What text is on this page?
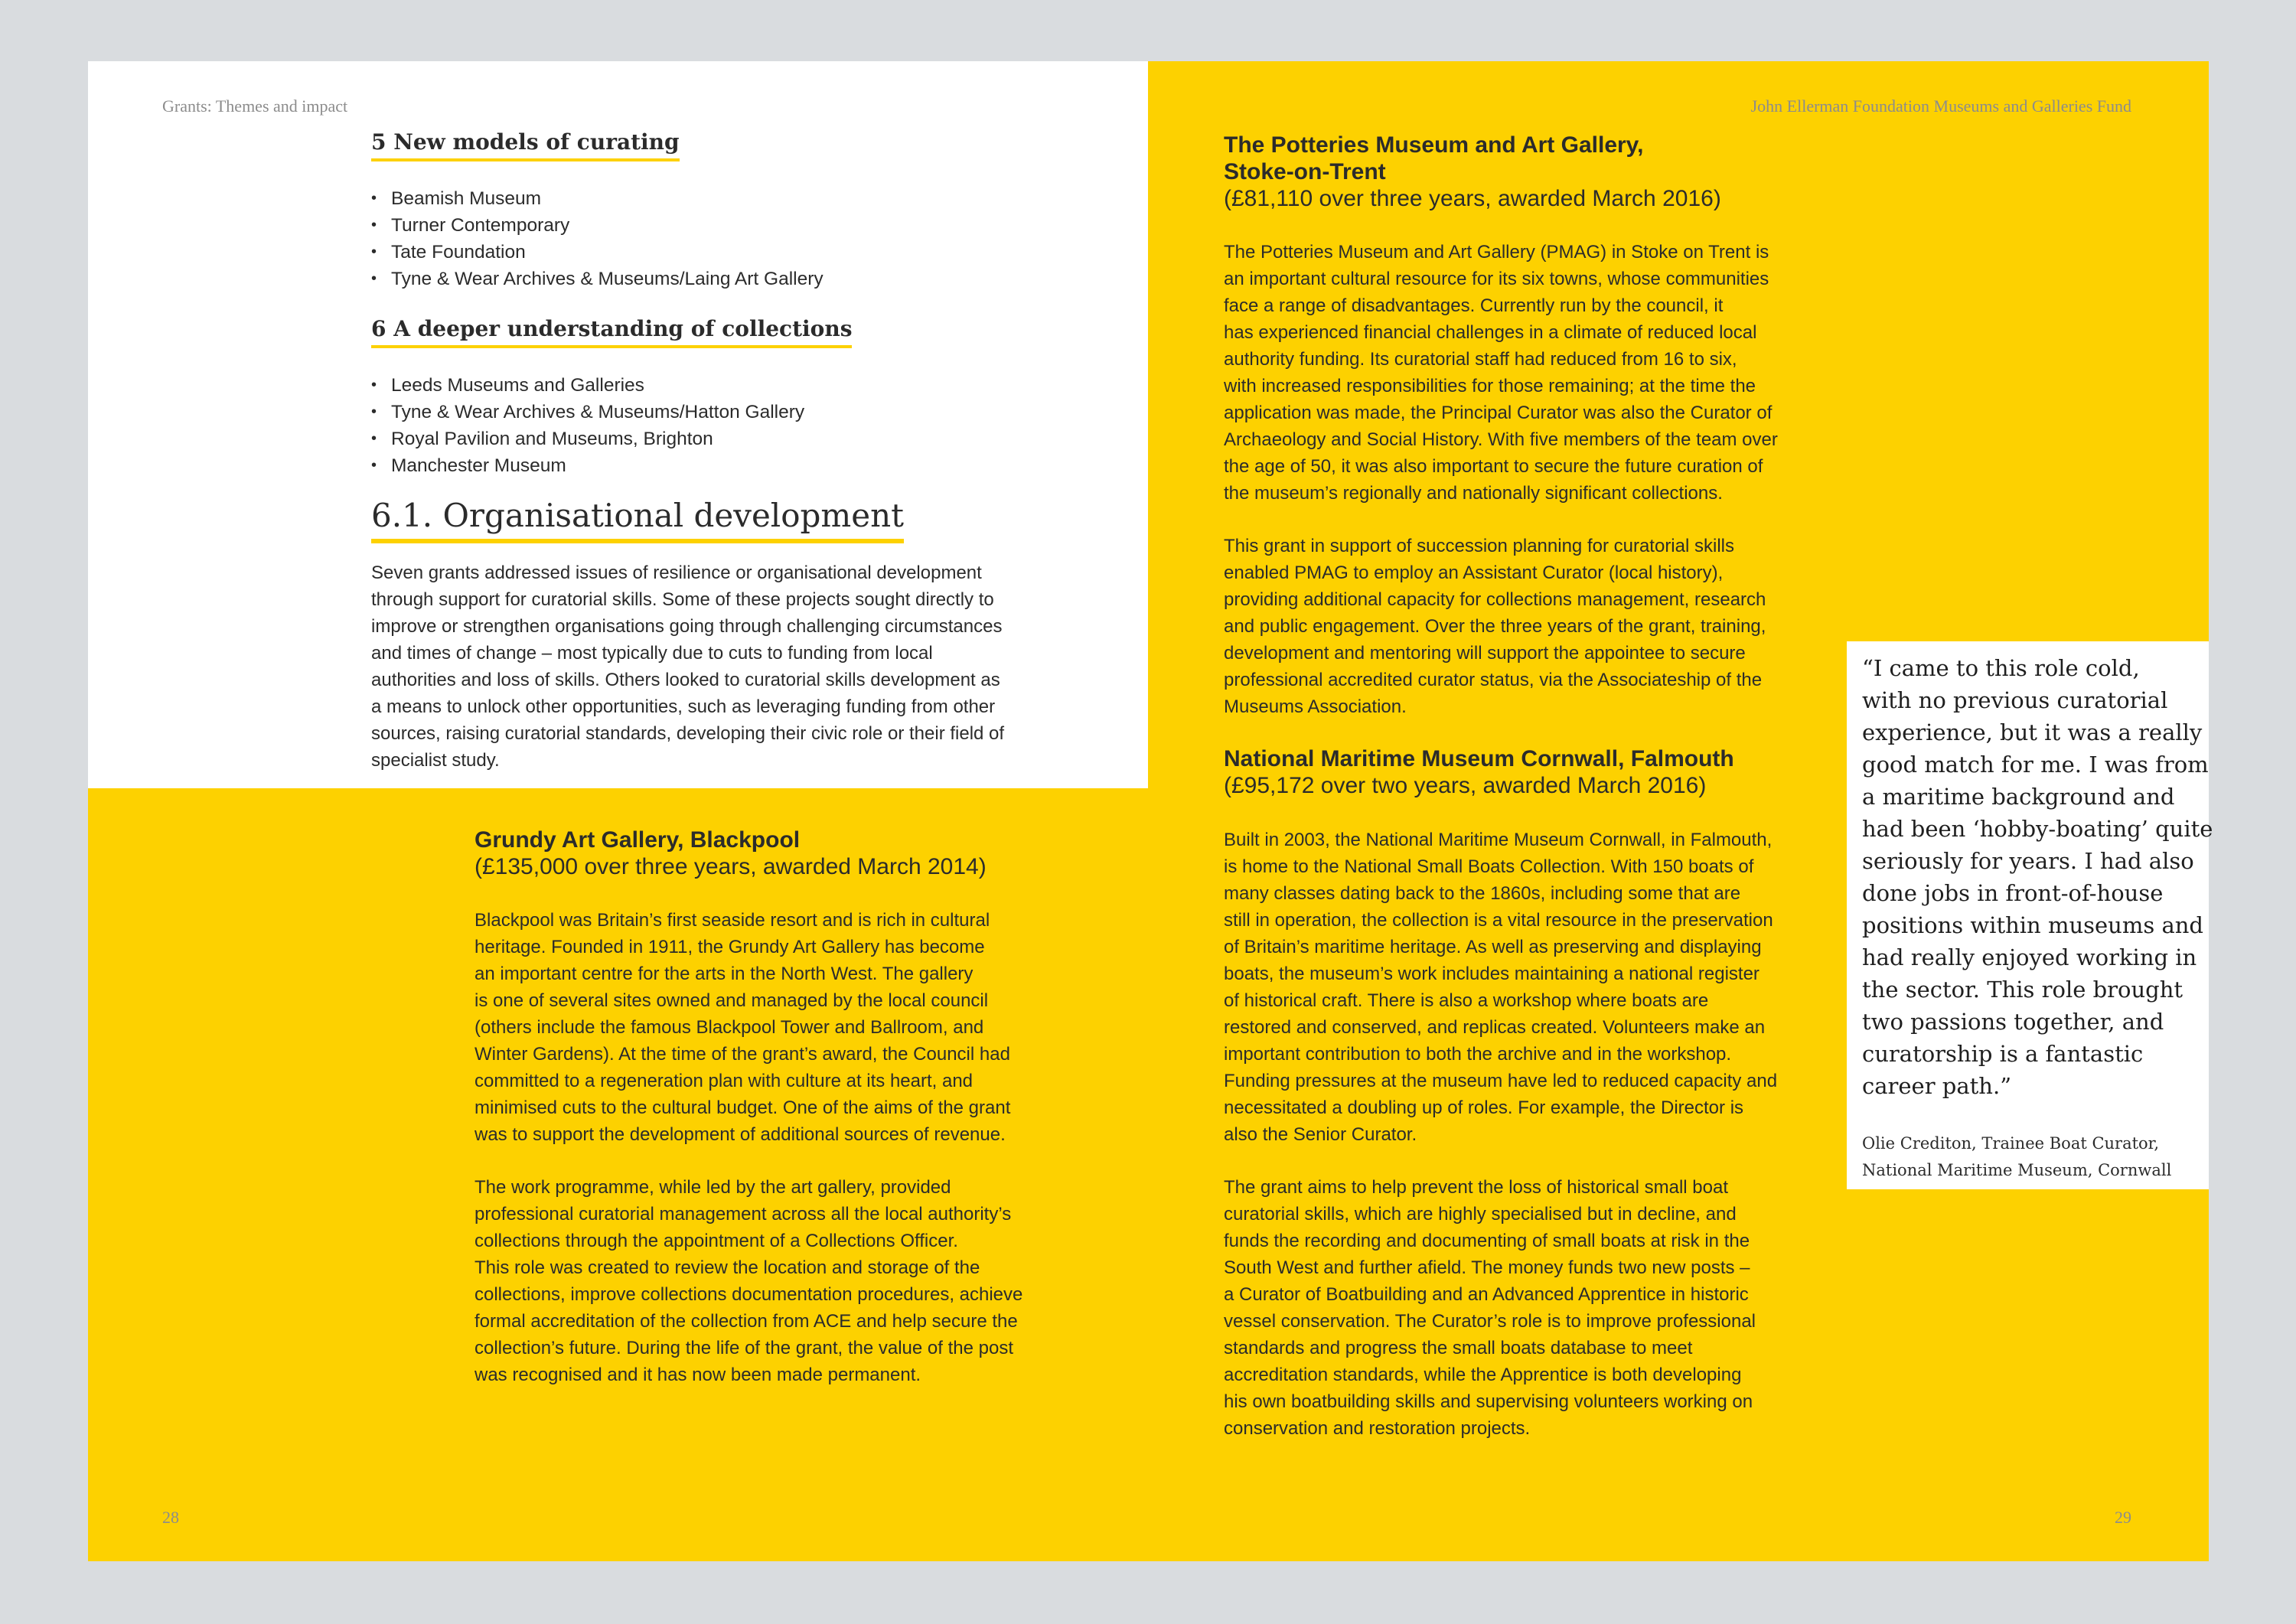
Grants: Themes and impact	John Ellerman Foundation Museums and Galleries Fund
5 New models of curating
• Beamish Museum
• Turner Contemporary
• Tate Foundation
• Tyne & Wear Archives & Museums/Laing Art Gallery
6 A deeper understanding of collections
• Leeds Museums and Galleries
• Tyne & Wear Archives & Museums/Hatton Gallery
• Royal Pavilion and Museums, Brighton
• Manchester Museum
6.1. Organisational development
Seven grants addressed issues of resilience or organisational development
through support for curatorial skills. Some of these projects sought directly to
improve or strengthen organisations going through challenging circumstances
and times of change – most typically due to cuts to funding from local
authorities and loss of skills. Others looked to curatorial skills development as
a means to unlock other opportunities, such as leveraging funding from other
sources, raising curatorial standards, developing their civic role or their field of
specialist study.
Grundy Art Gallery, Blackpool
(£135,000 over three years, awarded March 2014)
Blackpool was Britain’s first seaside resort and is rich in cultural
heritage. Founded in 1911, the Grundy Art Gallery has become
an important centre for the arts in the North West. The gallery
is one of several sites owned and managed by the local council
(others include the famous Blackpool Tower and Ballroom, and
Winter Gardens). At the time of the grant’s award, the Council had
committed to a regeneration plan with culture at its heart, and
minimised cuts to the cultural budget. One of the aims of the grant
was to support the development of additional sources of revenue.
The work programme, while led by the art gallery, provided
professional curatorial management across all the local authority’s
collections through the appointment of a Collections Officer.
This role was created to review the location and storage of the
collections, improve collections documentation procedures, achieve
formal accreditation of the collection from ACE and help secure the
collection’s future. During the life of the grant, the value of the post
was recognised and it has now been made permanent.
28
The Potteries Museum and Art Gallery,
Stoke-on-Trent
(£81,110 over three years, awarded March 2016)
The Potteries Museum and Art Gallery (PMAG) in Stoke on Trent is
an important cultural resource for its six towns, whose communities
face a range of disadvantages. Currently run by the council, it
has experienced financial challenges in a climate of reduced local
authority funding. Its curatorial staff had reduced from 16 to six,
with increased responsibilities for those remaining; at the time the
application was made, the Principal Curator was also the Curator of
Archaeology and Social History. With five members of the team over
the age of 50, it was also important to secure the future curation of
the museum’s regionally and nationally significant collections.
This grant in support of succession planning for curatorial skills
enabled PMAG to employ an Assistant Curator (local history),
providing additional capacity for collections management, research
and public engagement. Over the three years of the grant, training,
development and mentoring will support the appointee to secure
professional accredited curator status, via the Associateship of the
Museums Association.
National Maritime Museum Cornwall, Falmouth
(£95,172 over two years, awarded March 2016)
Built in 2003, the National Maritime Museum Cornwall, in Falmouth,
is home to the National Small Boats Collection. With 150 boats of
many classes dating back to the 1860s, including some that are
still in operation, the collection is a vital resource in the preservation
of Britain’s maritime heritage. As well as preserving and displaying
boats, the museum’s work includes maintaining a national register
of historical craft. There is also a workshop where boats are
restored and conserved, and replicas created. Volunteers make an
important contribution to both the archive and in the workshop.
Funding pressures at the museum have led to reduced capacity and
necessitated a doubling up of roles. For example, the Director is
also the Senior Curator.
The grant aims to help prevent the loss of historical small boat
curatorial skills, which are highly specialised but in decline, and
funds the recording and documenting of small boats at risk in the
South West and further afield. The money funds two new posts –
a Curator of Boatbuilding and an Advanced Apprentice in historic
vessel conservation. The Curator’s role is to improve professional
standards and progress the small boats database to meet
accreditation standards, while the Apprentice is both developing
his own boatbuilding skills and supervising volunteers working on
conservation and restoration projects.
“I came to this role cold,
with no previous curatorial
experience, but it was a really
good match for me. I was from
a maritime background and
had been ‘hobby-boating’ quite
seriously for years. I had also
done jobs in front-of-house
positions within museums and
had really enjoyed working in
the sector. This role brought
two passions together, and
curatorship is a fantastic
career path.”
Olie Crediton, Trainee Boat Curator,
National Maritime Museum, Cornwall
29
